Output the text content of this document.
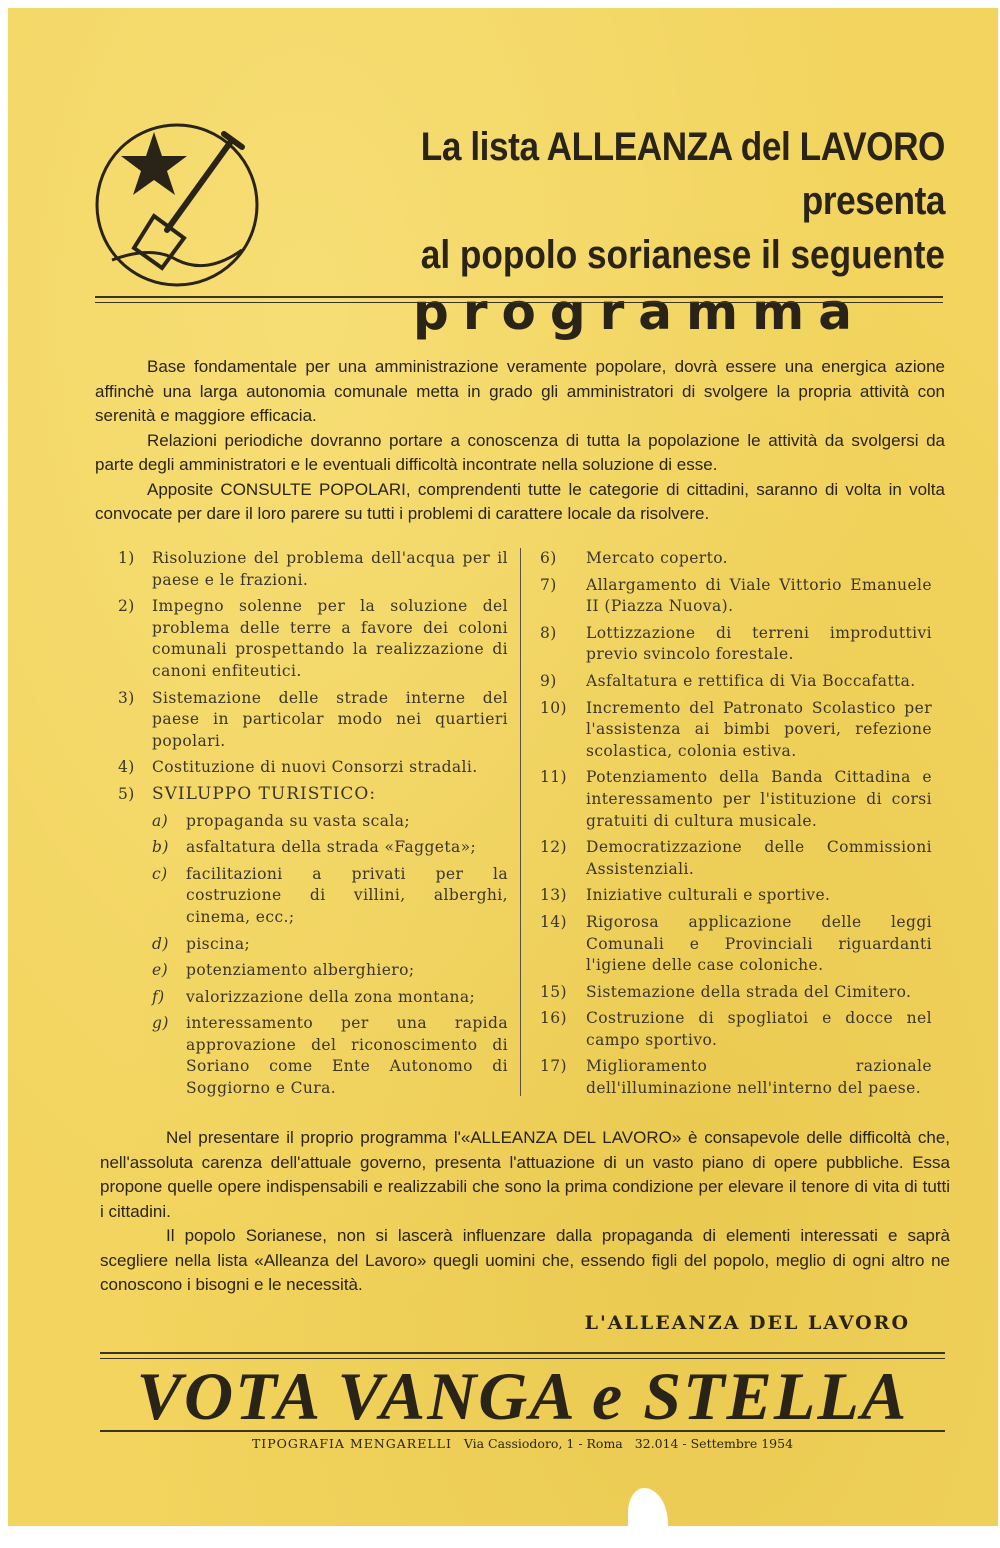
La lista ALLEANZA del LAVORO presenta
al popolo sorianese il seguente
programma

Base fondamentale per una amministrazione veramente popolare, dovrà essere una energica azione affinchè una larga autonomia comunale metta in grado gli amministratori di svolgere la propria attività con serenità e maggiore efficacia.

Relazioni periodiche dovranno portare a conoscenza di tutta la popolazione le attività da svolgersi da parte degli amministratori e le eventuali difficoltà incontrate nella soluzione di esse.

Apposite CONSULTE POPOLARI, comprendenti tutte le categorie di cittadini, saranno di volta in volta convocate per dare il loro parere su tutti i problemi di carattere locale da risolvere.

1)	Risoluzione del problema dell'acqua per il paese e le frazioni.
2)	Impegno solenne per la soluzione del problema delle terre a favore dei coloni comunali prospettando la realizzazione di canoni enfiteutici.
3)	Sistemazione delle strade interne del paese in particolar modo nei quartieri popolari.
4)	Costituzione di nuovi Consorzi stradali.
5)	SVILUPPO TURISTICO:
a)	propaganda su vasta scala;
b)	asfaltatura della strada «Faggeta»;
c)	facilitazioni a privati per la costruzione di villini, alberghi, cinema, ecc.;
d)	piscina;
e)	potenziamento alberghiero;
f)	valorizzazione della zona montana;
g)	interessamento per una rapida approvazione del riconoscimento di Soriano come Ente Autonomo di Soggiorno e Cura.
6)	Mercato coperto.
7)	Allargamento di Viale Vittorio Emanuele II (Piazza Nuova).
8)	Lottizzazione di terreni improduttivi previo svincolo forestale.
9)	Asfaltatura e rettifica di Via Boccafatta.
10)	Incremento del Patronato Scolastico per l'assistenza ai bimbi poveri, refezione scolastica, colonia estiva.
11)	Potenziamento della Banda Cittadina e interessamento per l'istituzione di corsi gratuiti di cultura musicale.
12)	Democratizzazione delle Commissioni Assistenziali.
13)	Iniziative culturali e sportive.
14)	Rigorosa applicazione delle leggi Comunali e Provinciali riguardanti l'igiene delle case coloniche.
15)	Sistemazione della strada del Cimitero.
16)	Costruzione di spogliatoi e docce nel campo sportivo.
17)	Miglioramento razionale dell'illuminazione nell'interno del paese.

Nel presentare il proprio programma l'«ALLEANZA DEL LAVORO» è consapevole delle difficoltà che, nell'assoluta carenza dell'attuale governo, presenta l'attuazione di un vasto piano di opere pubbliche. Essa propone quelle opere indispensabili e realizzabili che sono la prima condizione per elevare il tenore di vita di tutti i cittadini.

Il popolo Sorianese, non si lascerà influenzare dalla propaganda di elementi interessati e saprà scegliere nella lista «Alleanza del Lavoro» quegli uomini che, essendo figli del popolo, meglio di ogni altro ne conoscono i bisogni e le necessità.

L'ALLEANZA DEL LAVORO
VOTA VANGA e STELLA
TIPOGRAFIA MENGARELLI Via Cassiodoro, 1 - Roma 32.014 - Settembre 1954
